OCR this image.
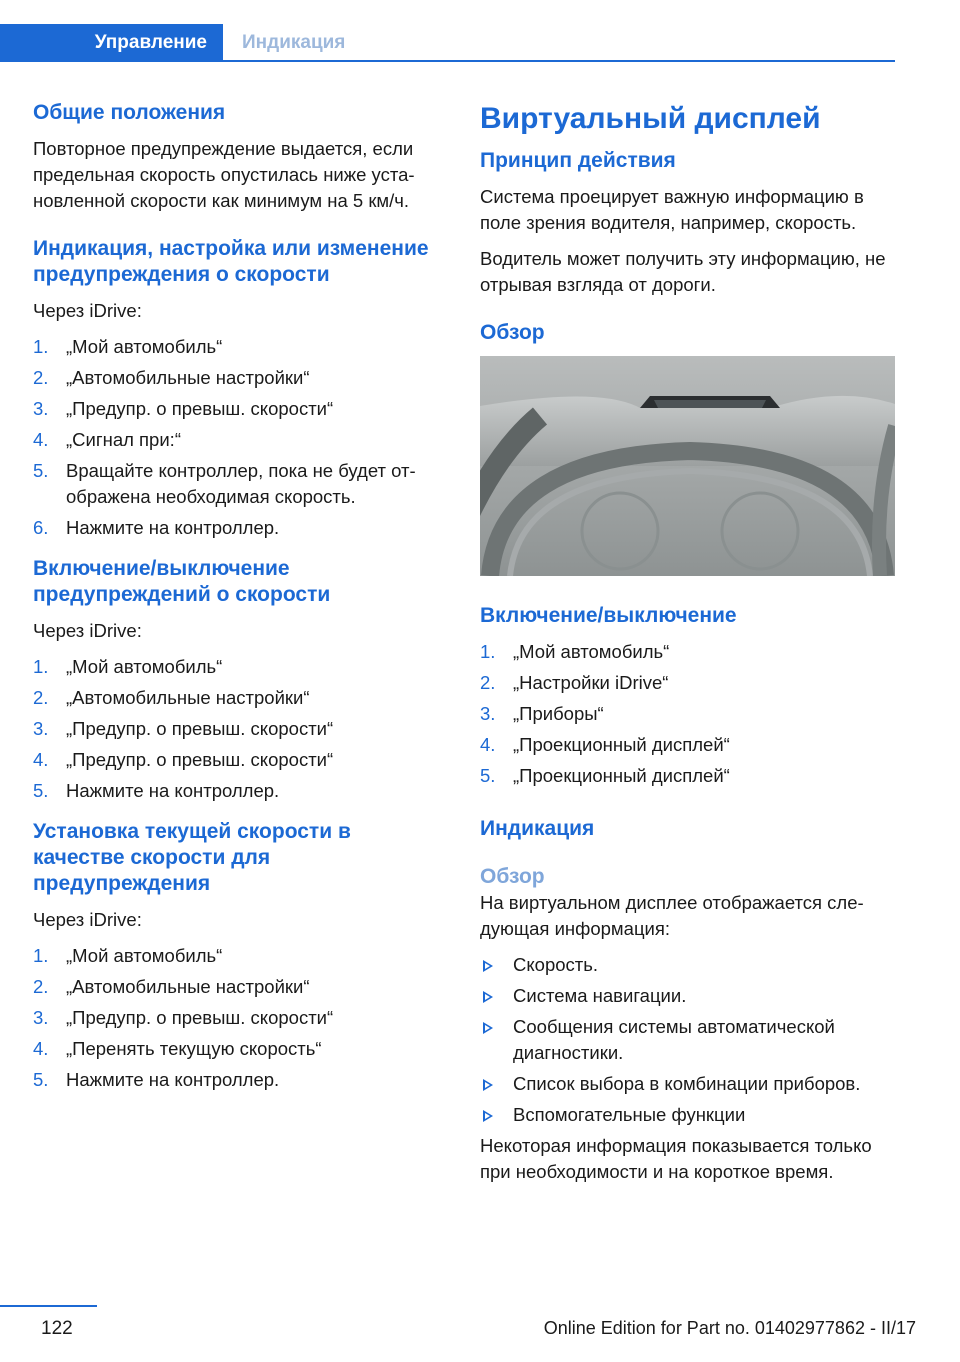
Управление	Индикация
Общие положения

Повторное предупреждение выдается, если предельная скорость опустилась ниже установленной скорости как минимум на 5 км/ч.

Индикация, настройка или изменение предупреждения о скорости

Через iDrive:

1. „Мой автомобиль“
2. „Автомобильные настройки“
3. „Предупр. о превыш. скорости“
4. „Сигнал при:“
5. Вращайте контроллер, пока не будет отображена необходимая скорость.
6. Нажмите на контроллер.
Включение/выключение предупреждений о скорости

Через iDrive:

1. „Мой автомобиль“
2. „Автомобильные настройки“
3. „Предупр. о превыш. скорости“
4. „Предупр. о превыш. скорости“
5. Нажмите на контроллер.
Установка текущей скорости в качестве скорости для предупреждения

Через iDrive:

1. „Мой автомобиль“
2. „Автомобильные настройки“
3. „Предупр. о превыш. скорости“
4. „Перенять текущую скорость“
5. Нажмите на контроллер.
Виртуальный дисплей
Принцип действия

Система проецирует важную информацию в поле зрения водителя, например, скорость.

Водитель может получить эту информацию, не отрывая взгляда от дороги.

Обзор
Включение/выключение
1. „Мой автомобиль“
2. „Настройки iDrive“
3. „Приборы“
4. „Проекционный дисплей“
5. „Проекционный дисплей“
Индикация
Обзор

На виртуальном дисплее отображается следующая информация:

Скорость.
Система навигации.
Сообщения системы автоматической диагностики.
Список выбора в комбинации приборов.
Вспомогательные функции

Некоторая информация показывается только при необходимости и на короткое время.

122	Online Edition for Part no. 01402977862 - II/17
